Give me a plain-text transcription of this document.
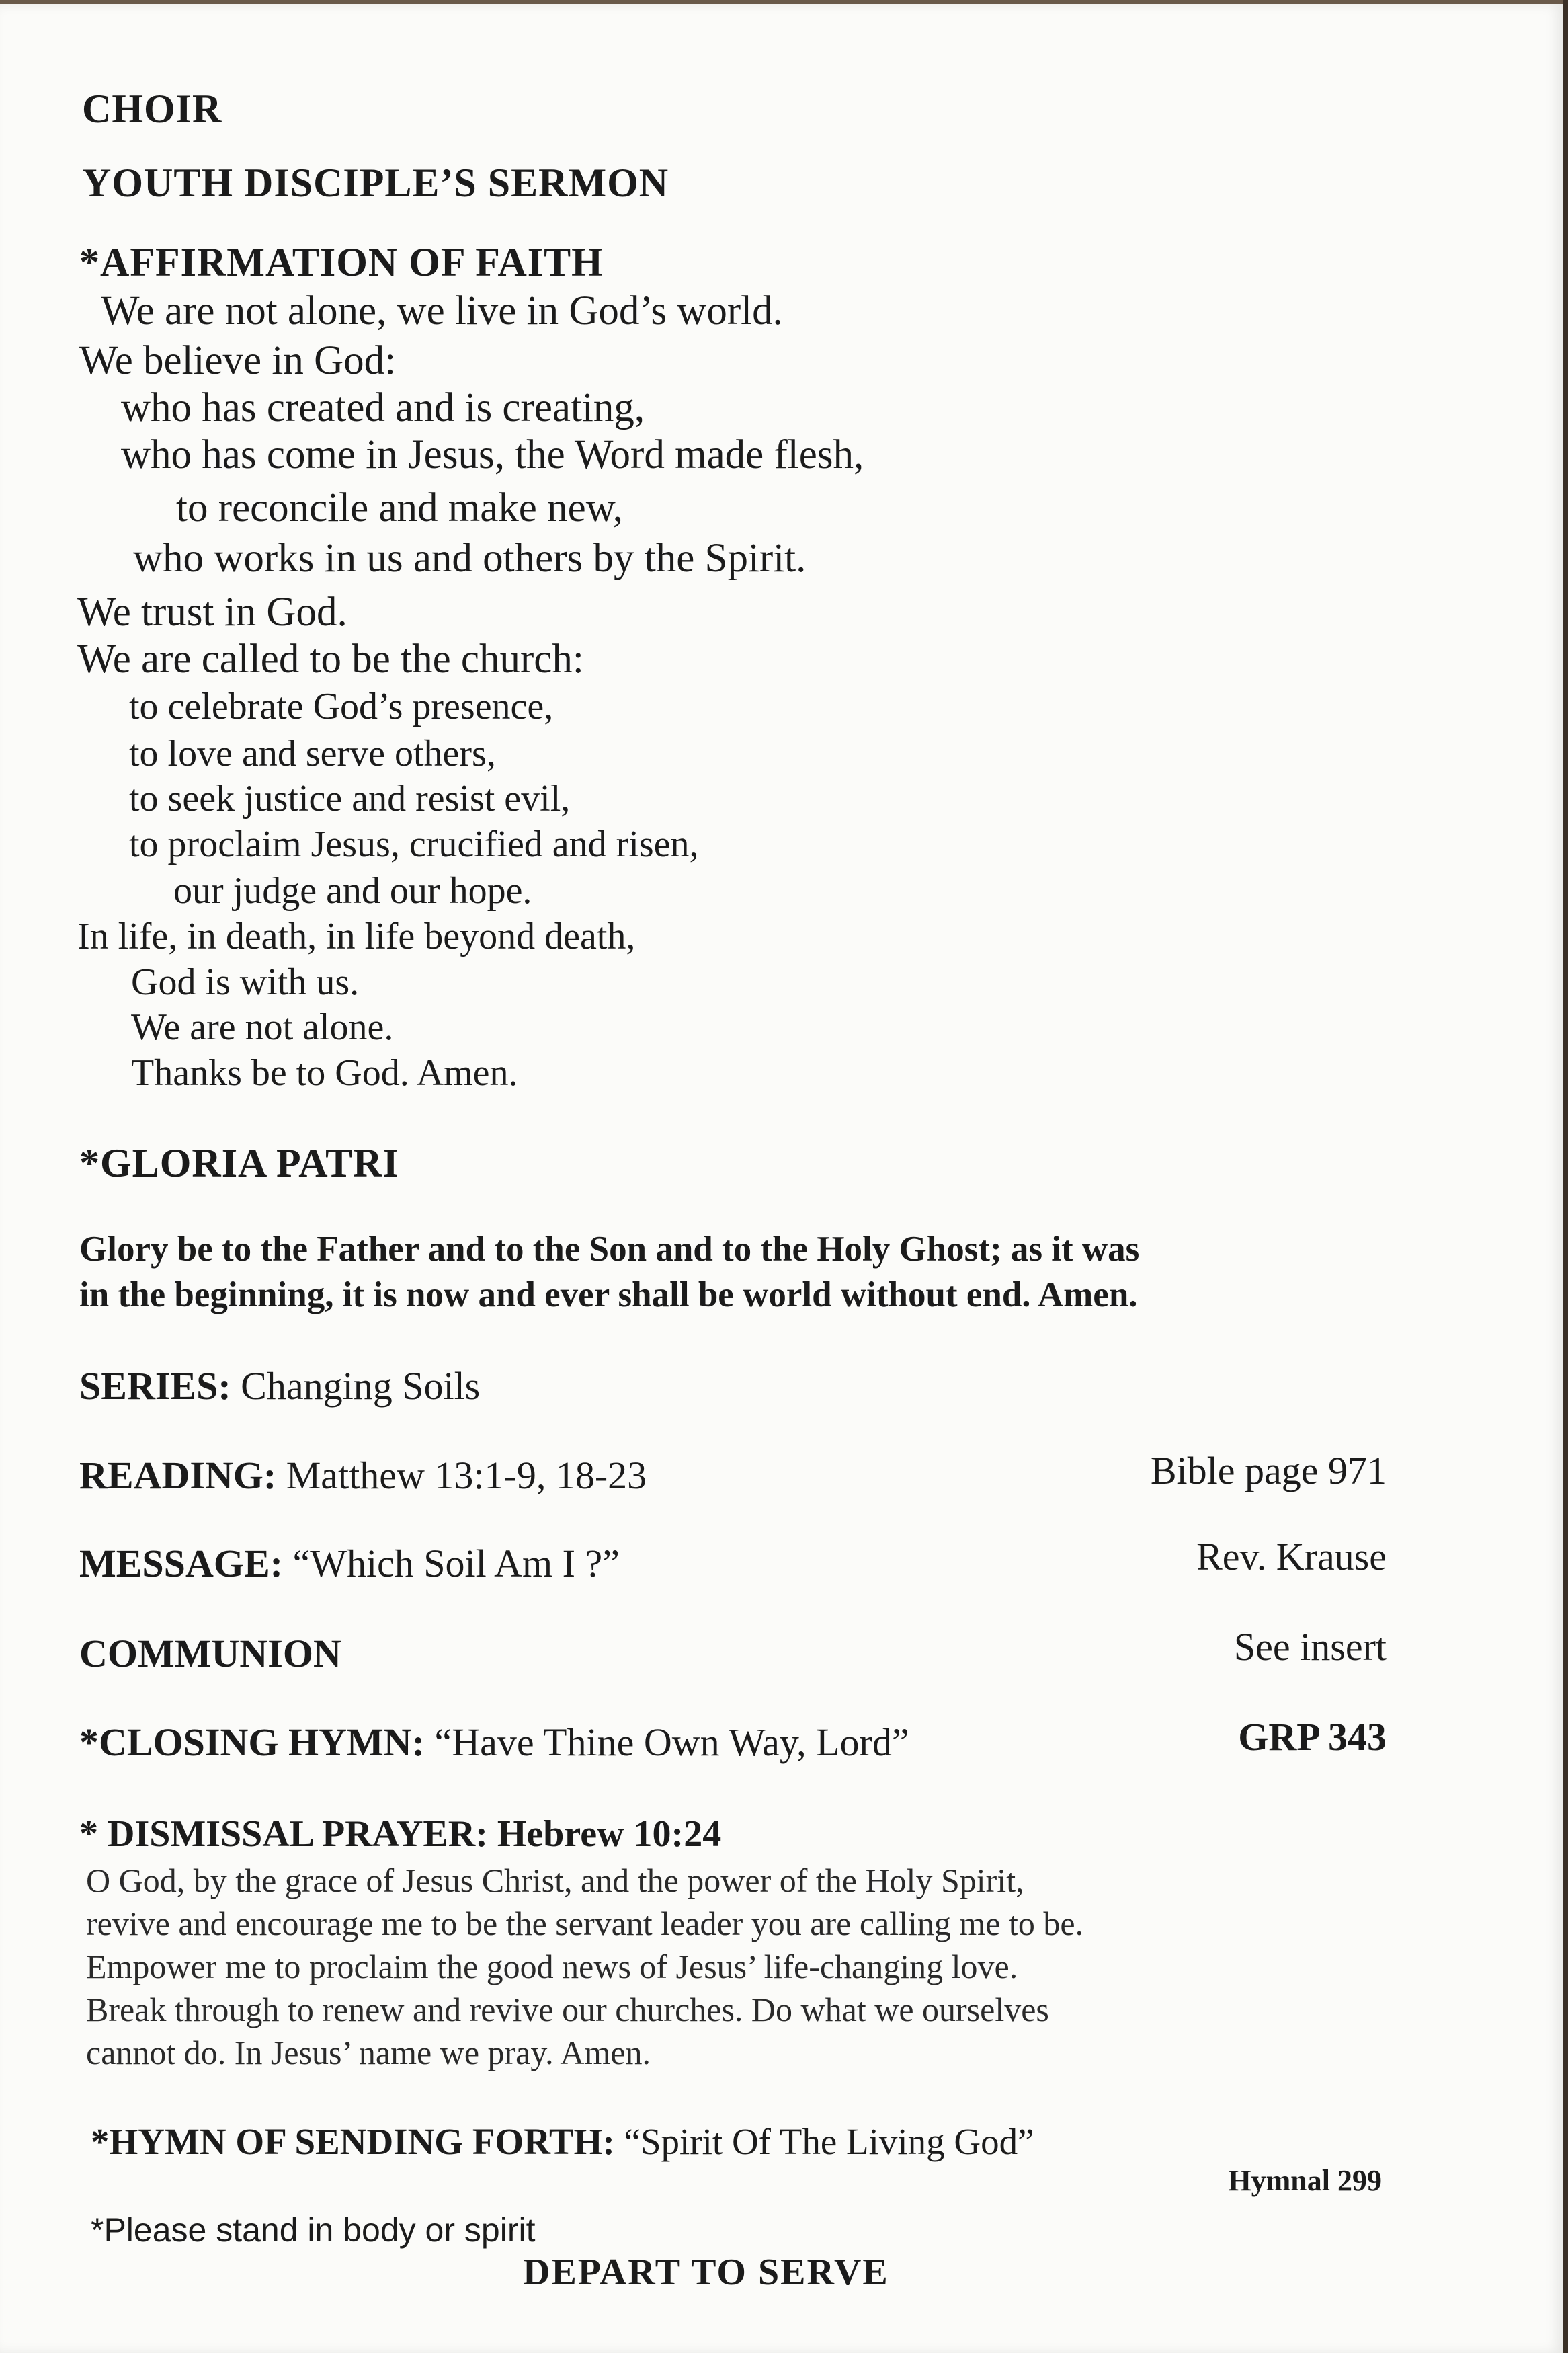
CHOIR
YOUTH DISCIPLE’S SERMON
*AFFIRMATION OF FAITH
We are not alone, we live in God’s world.
We believe in God:
who has created and is creating,
who has come in Jesus, the Word made flesh,
to reconcile and make new,
who works in us and others by the Spirit.
We trust in God.
We are called to be the church:
to celebrate God’s presence,
to love and serve others,
to seek justice and resist evil,
to proclaim Jesus, crucified and risen,
our judge and our hope.
In life, in death, in life beyond death,
God is with us.
We are not alone.
Thanks be to God. Amen.
*GLORIA PATRI
Glory be to the Father and to the Son and to the Holy Ghost; as it was
in the beginning, it is now and ever shall be world without end. Amen.
SERIES: Changing Soils
READING: Matthew 13:1-9, 18-23	Bible page 971
MESSAGE: “Which Soil Am I ?”	Rev. Krause
COMMUNION	See insert
*CLOSING HYMN: “Have Thine Own Way, Lord”	GRP 343
* DISMISSAL PRAYER: Hebrew 10:24
O God, by the grace of Jesus Christ, and the power of the Holy Spirit,
revive and encourage me to be the servant leader you are calling me to be.
Empower me to proclaim the good news of Jesus’ life-changing love.
Break through to renew and revive our churches. Do what we ourselves
cannot do. In Jesus’ name we pray. Amen.
*HYMN OF SENDING FORTH: “Spirit Of The Living God”
Hymnal 299
*Please stand in body or spirit
DEPART TO SERVE
